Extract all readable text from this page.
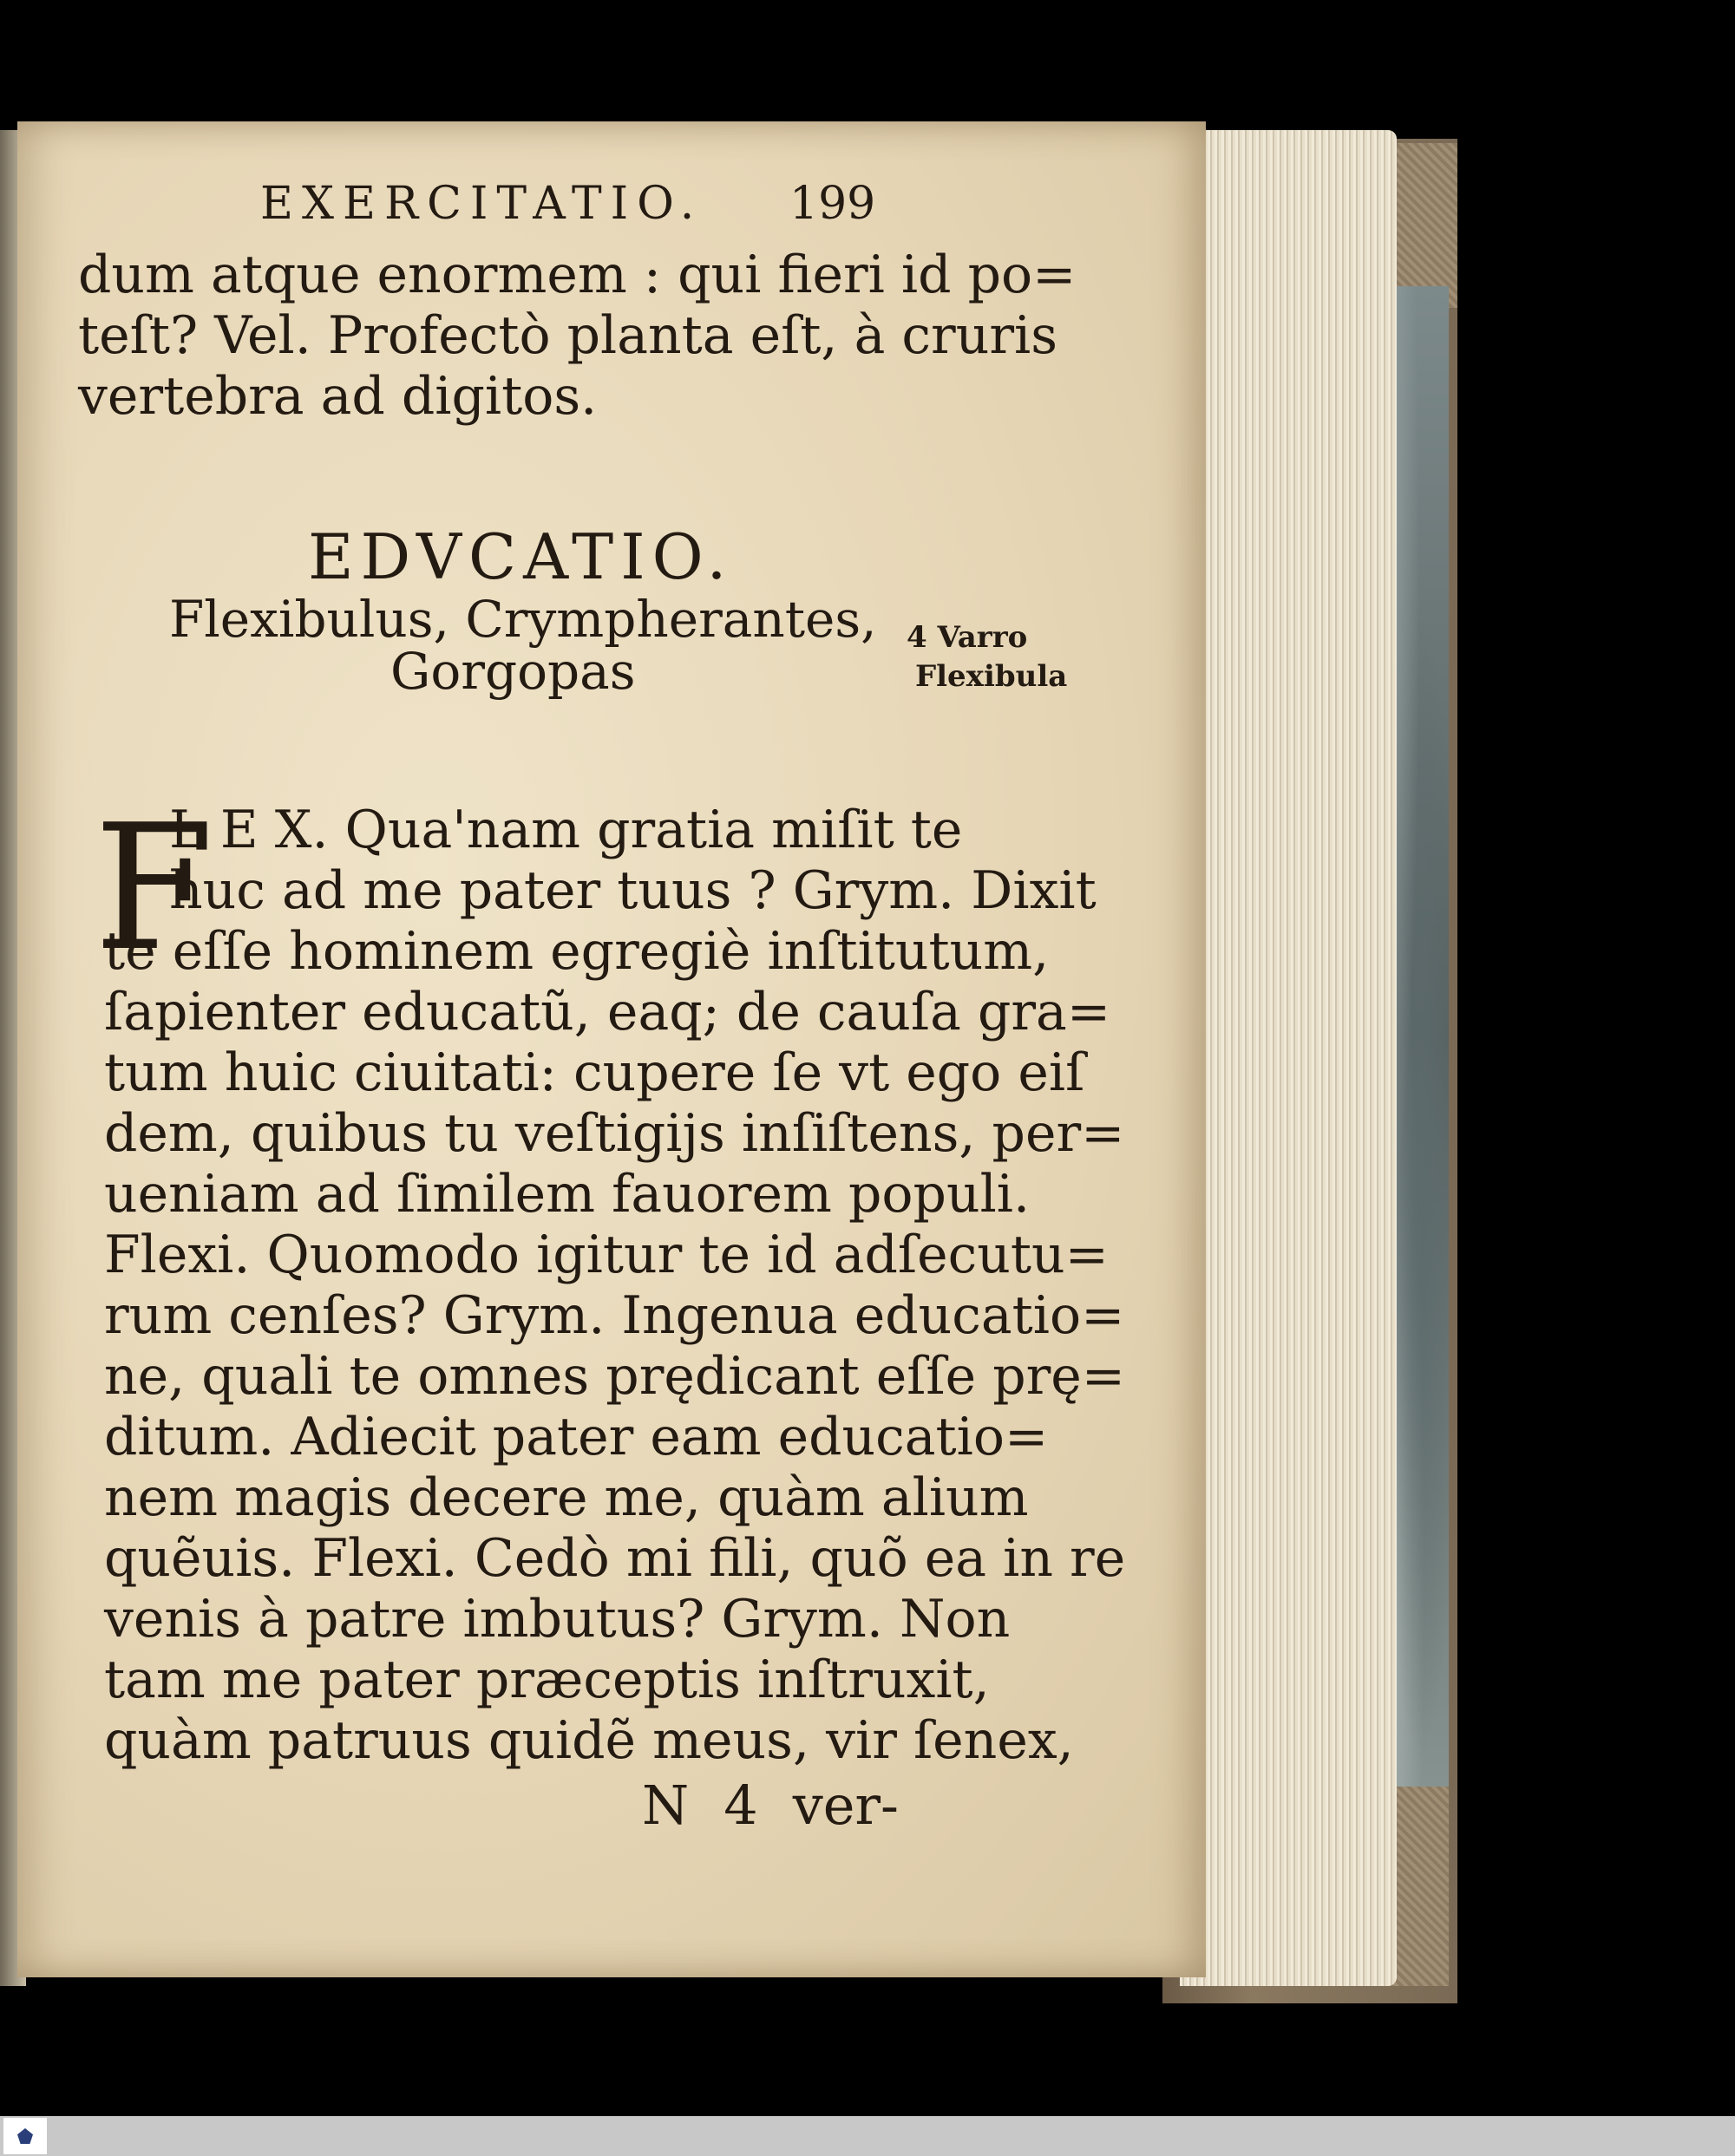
EXERCITATIO. 199
dum atque enormem : qui fieri id po=
teſt? Vel. Profectò planta eſt, à cruris
vertebra ad digitos.
EDVCATIO.
Flexibulus, Crympherantes,
Gorgopas
4 Varro
Flexibula
F
L E X. Qua'nam gratia miſit te
huc ad me pater tuus ? Grym. Dixit
te eſſe hominem egregiè inſtitutum,
ſapienter educatũ, eaq; de cauſa gra=
tum huic ciuitati: cupere ſe vt ego eiſ
dem, quibus tu veſtigijs inſiſtens, per=
ueniam ad ſimilem fauorem populi.
Flexi. Quomodo igitur te id adſecutu=
rum cenſes? Grym. Ingenua educatio=
ne, quali te omnes prędicant eſſe prę=
ditum. Adiecit pater eam educatio=
nem magis decere me, quàm alium
quẽuis. Flexi. Cedò mi fili, quõ ea in re
venis à patre imbutus? Grym. Non
tam me pater præceptis inſtruxit,
quàm patruus quidẽ meus, vir ſenex,
N 4 ver-
